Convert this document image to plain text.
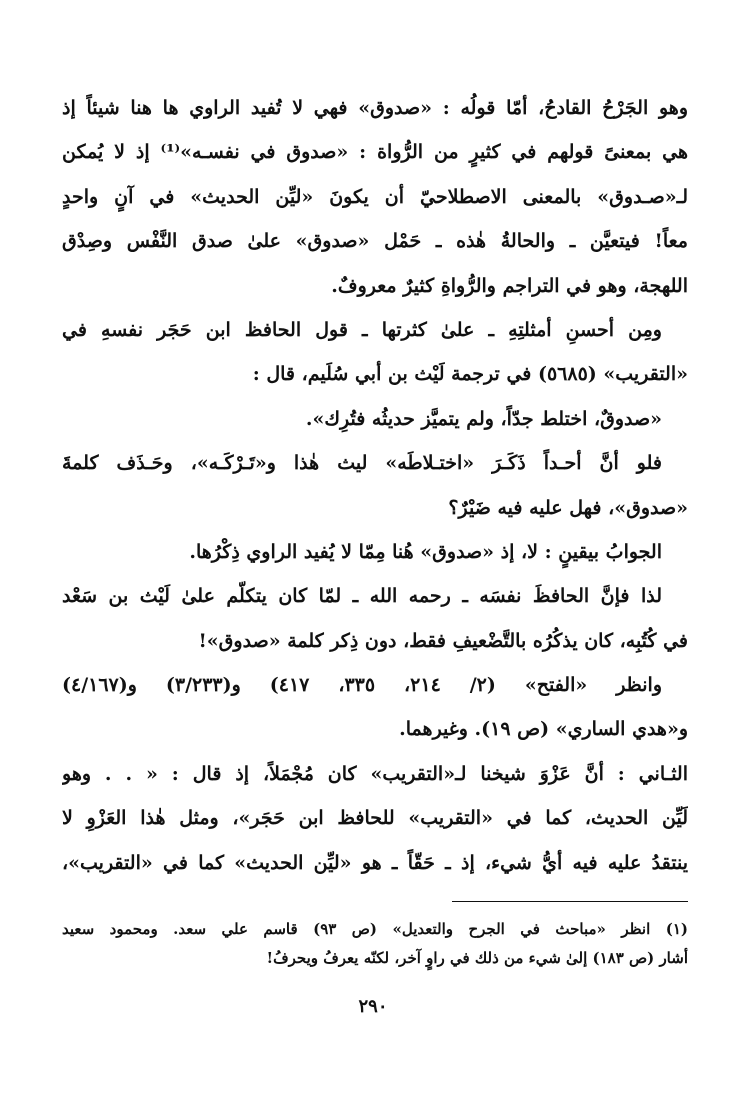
وهو الجَرْحُ القادحُ، أمّا قولُه : «صدوق» فهي لا تُفيد الراوي ها هنا شيئاً إذ
هي بمعنىً قولهم في كثيرٍ من الرُّواة : «صدوق في نفسـه»⁽¹⁾ إذ لا يُمكن
لـ«صـدوق» بالمعنى الاصطلاحيّ أن يكونَ «ليِّن الحديث» في آنٍ واحدٍ
معاً! فيتعيَّن ـ والحالةُ هٰذه ـ حَمْل «صدوق» علىٰ صدق النَّفْس وصِدْق
اللهجة، وهو في التراجم والرُّواةِ كثيرٌ معروفٌ.
ومِن أحسنِ أمثلتِهِ ـ علىٰ كثرتها ـ قول الحافظ ابن حَجَر نفسهِ في
«التقريب» (٥٦٨٥) في ترجمة لَيْث بن أبي سُلَيم، قال :
«صدوقٌ، اختلط جدّاً، ولم يتميَّز حديثُه فتُرِك».
فلو أنَّ أحـداً ذَكَـرَ «اختـلاطَه» ليث هٰذا و«تَـرْكَـه»، وحَـذَف كلمةَ
«صدوق»، فهل عليه فيه ضَيْرٌ؟
الجوابُ بيقينٍ : لا، إذ «صدوق» هُنا مِمّا لا يُفيد الراوي ذِكْرُها.
لذا فإنَّ الحافظَ نفسَه ـ رحمه الله ـ لمّا كان يتكلّم علىٰ لَيْث بن سَعْد
في كُتُبِه، كان يذكُرُه بالتَّضْعيفِ فقط، دون ذِكر كلمة «صدوق»!
وانظر «الفتح» (٢/ ٢١٤، ٣٣٥، ٤١٧) و(٣/٢٣٣) و(٤/١٦٧)
و«هدي الساري» (ص ١٩). وغيرهما.
الثـاني : أنَّ عَزْوَ شيخنا لـ«التقريب» كان مُجْمَلاً، إذ قال : « . . وهو
لَيِّن الحديث، كما في «التقريب» للحافظ ابن حَجَر»، ومثل هٰذا العَزْوِ لا
ينتقدُ عليه فيه أيُّ شيء، إذ ـ حَقّاً ـ هو «ليِّن الحديث» كما في «التقريب»،
(١) انظر «مباحث في الجرح والتعديل» (ص ٩٣) قاسم علي سعد. ومحمود سعيد
أشار (ص ١٨٣) إلىٰ شيء من ذلك في راوٍ آخر، لكنّه يعرفُ ويحرفُ!
٢٩٠
